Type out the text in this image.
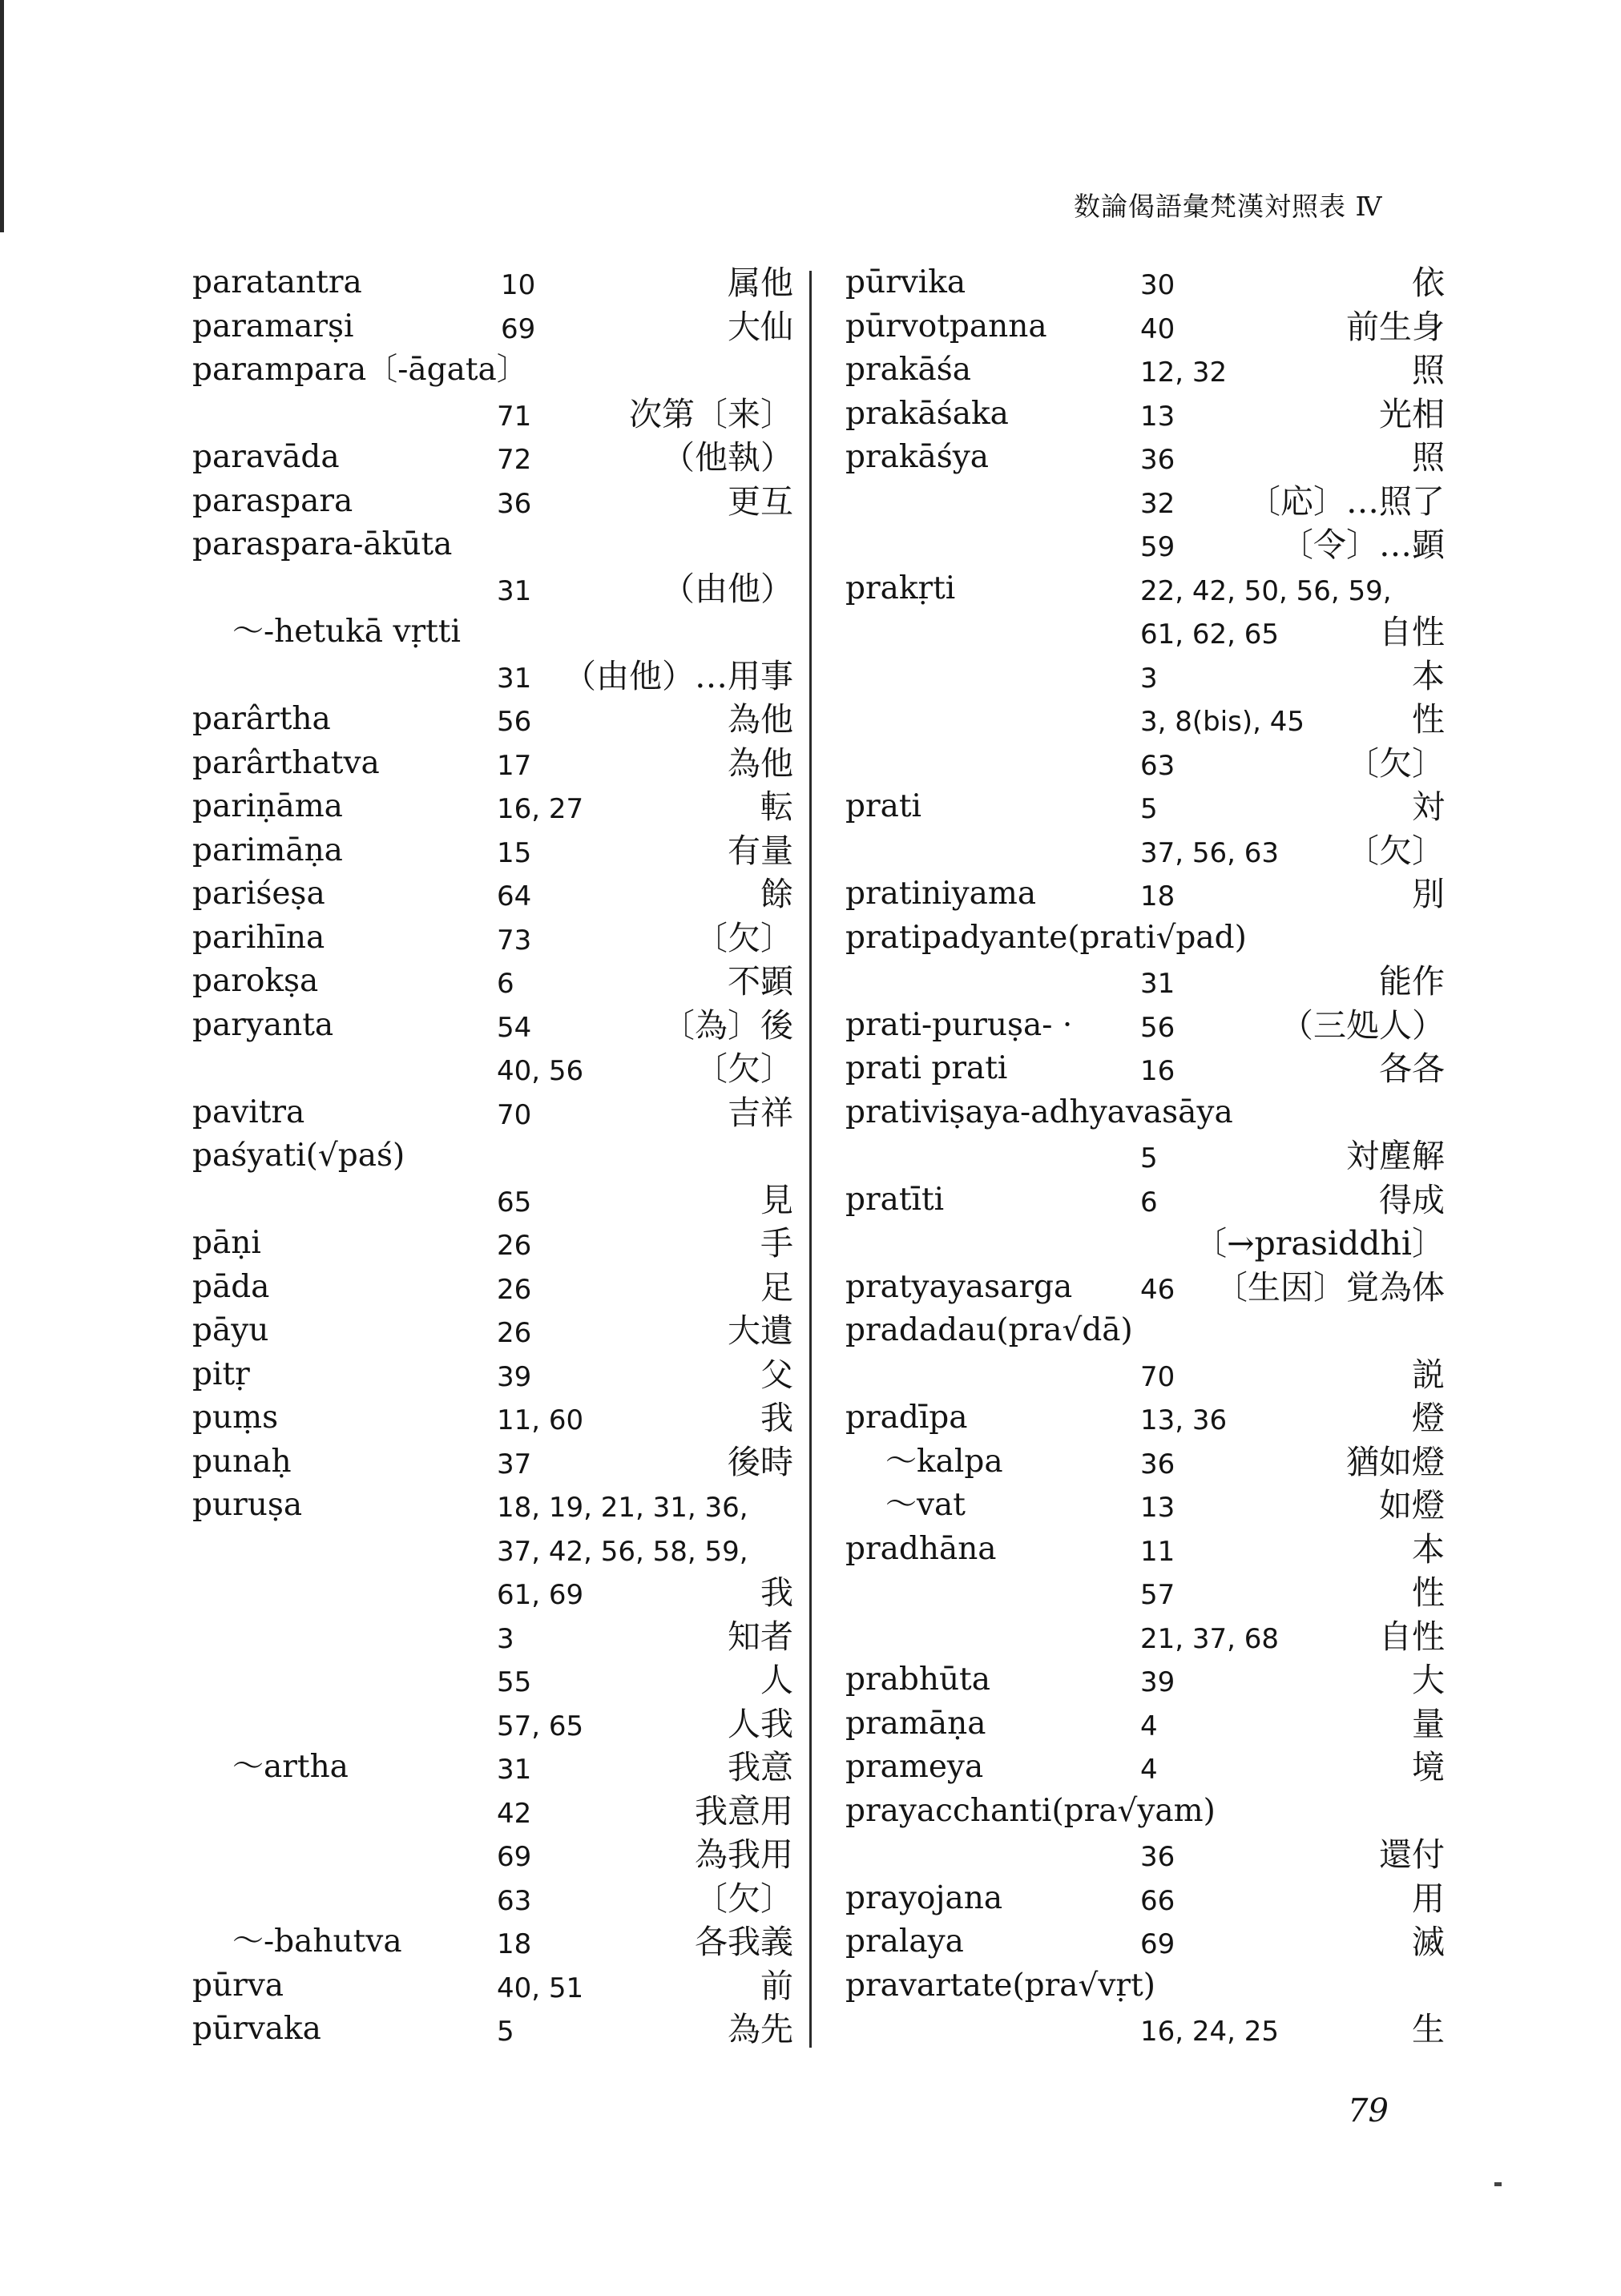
数論偈語彙梵漢対照表 Ⅳ
paratantra	10	属他
paramarṣi	69	大仙
parampara〔-āgata〕
71	次第〔来〕
paravāda	72	（他執）
paraspara	36	更互
paraspara-ākūta
31	（由他）
〜-hetukā vṛtti
31 （由他）…用事
parârtha	56	為他
parârthatva	17	為他
pariṇāma	16, 27	転
parimāṇa	15	有量
pariśeṣa	64	餘
parihīna	73	〔欠〕
parokṣa	6	不顕
paryanta	54	〔為〕後
40, 56	〔欠〕
pavitra	70	吉祥
paśyati(√paś)
65	見
pāṇi	26	手
pāda	26	足
pāyu	26	大遺
pitṛ	39	父
puṃs	11, 60	我
punaḥ	37	後時
puruṣa	18, 19, 21, 31, 36,
37, 42, 56, 58, 59,
61, 69	我
3	知者
55	人
57, 65	人我
〜artha	31	我意
42	我意用
69	為我用
63	〔欠〕
〜-bahutva	18	各我義
pūrva	40, 51	前
pūrvaka	5	為先
pūrvika	30	依
pūrvotpanna	40	前生身
prakāśa	12, 32	照
prakāśaka	13	光相
prakāśya	36	照
32 〔応〕…照了
59	〔令〕…顕
prakṛti	22, 42, 50, 56, 59,
61, 62, 65	自性
3	本
3, 8(bis), 45	性
63	〔欠〕
prati	5	対
37, 56, 63 〔欠〕
pratiniyama	18	別
pratipadyante(prati√pad)
31	能作
prati-puruṣa- · 56	（三処人）
prati prati	16	各各
prativiṣaya-adhyavasāya
5	対塵解
pratīti	6	得成
〔→prasiddhi〕
pratyayasarga 46 〔生因〕覚為体
pradadau(pra√dā)
70	説
pradīpa	13, 36	燈
〜kalpa	36	猶如燈
〜vat	13	如燈
pradhāna	11	本
57	性
21, 37, 68	自性
prabhūta	39	大
pramāṇa	4	量
prameya	4	境
prayacchanti(pra√yam)
36	還付
prayojana	66	用
pralaya	69	滅
pravartate(pra√vṛt)
16, 24, 25	生
79
